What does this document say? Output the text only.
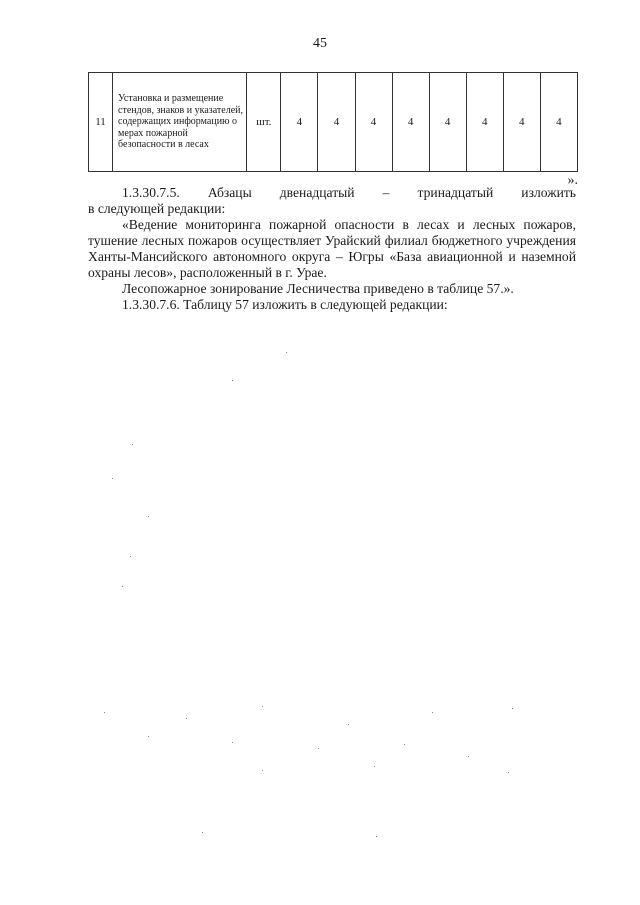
45
11	Установка и размещение стендов, знаков и указателей, содержащих информацию о мерах пожарной безопасности в лесах	шт.	4	4	4	4	4	4	4	4
».

1.3.30.7.5. Абзацы двенадцатый – тринадцатый изложить

в следующей редакции:

«Ведение мониторинга пожарной опасности в лесах и лесных пожаров, тушение лесных пожаров осуществляет Урайский филиал бюджетного учреждения Ханты-Мансийского автономного округа – Югры «База авиационной и наземной охраны лесов», расположенный в г. Урае.

Лесопожарное зонирование Лесничества приведено в таблице 57.».

1.3.30.7.6. Таблицу 57 изложить в следующей редакции:
